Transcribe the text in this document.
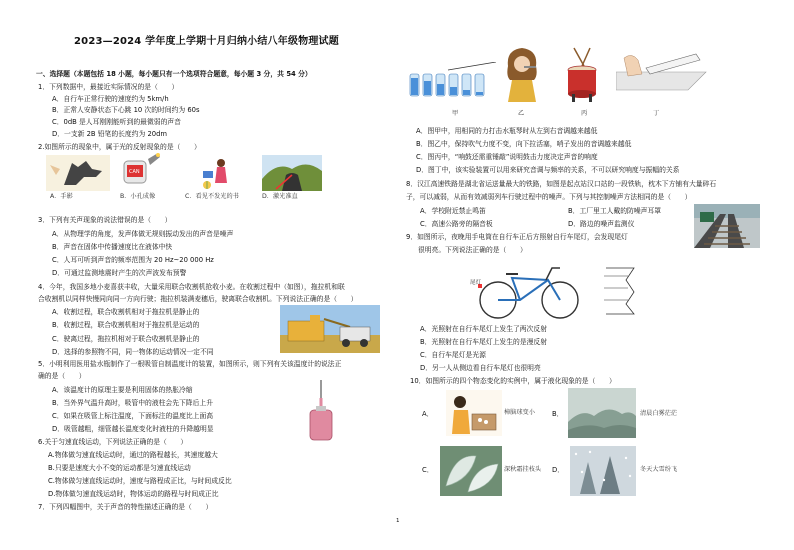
2023—2024 学年度上学期十月归纳小结八年级物理试题
一、选择题（本题包括 18 小题，每小题只有一个选项符合题意，每小题 3 分，共 54 分）
1．下列数据中，最接近实际情况的是（　　）
A．自行车正常行驶的速度约为 5km/h
B．正常人安静状态下心跳 10 次的时间约为 60s
C．0dB 是人耳刚刚能听到的最微弱的声音
D．一支新 2B 铅笔的长度约为 20dm
2.如图所示的现象中，属于光的反射现象的是（　　）
CAN
A．手影	B．小孔成像	C．看见不发光的书	D．激光准直
3．下列有关声现象的说法错误的是（　　）
A．从物理学的角度，发声体做无规则振动发出的声音是噪声
B．声音在固体中传播速度比在液体中快
C．人耳可听到声音的频率范围为 20 Hz~20 000 Hz
D．可通过监测地震时产生的次声波发布预警
4．今年，我国多地小麦喜获丰收，大量采用联合收割机抢收小麦。在收割过程中（如图），拖拉机和联
合收割机以同样快慢同向同一方向行驶；拖拉机装满麦穗后，驶离联合收割机。下列说法正确的是（　　）
A．收割过程，联合收割机相对于拖拉机是静止的
B．收割过程，联合收割机相对于拖拉机是运动的
C．驶离过程，拖拉机相对于联合收割机是静止的
D．选择的参照物不同，同一物体的运动情况一定不同
5．小明利用医用盐水瓶制作了一根吸管自制温度计的装置，如图所示，则下列有关该温度计的说法正
确的是（　　）
A．该温度计的原理主要是利用固体的热胀冷缩
B．当外界气温升高时，吸管中的液柱会先下降后上升
C．如果在吸管上标注温度，下面标注的温度比上面高
D．吸管越粗，细管越长温度变化时液柱的升降越明显
6.关于匀速直线运动，下列说法正确的是（　　）
A.物体做匀速直线运动时，通过的路程越长，其速度越大
B.只要是速度大小不变的运动都是匀速直线运动
C.物体做匀速直线运动时，速度与路程成正比，与时间成反比
D.物体做匀速直线运动时，物体运动的路程与时间成正比
7．下列四幅图中，关于声音的特性描述正确的是（　　）
甲	乙	丙	丁
A．图甲中，用相同的力打击水瓶琴时从左到右音调越来越低
B．图乙中，保持吹气力度不变，向下拉活塞，哨子发出的音调越来越低
C．图丙中，“响鼓还需重锤敲”说明鼓击力度决定声音的响度
D．图丁中，该实验装置可以用来研究音调与频率的关系，不可以研究响度与振幅的关系
8．汉江高速铁路是湖北省运送量最大的铁路，如图是起点站汉口站的一段铁轨，枕木下方铺有大量碎石
子，可以减弱，从而有效减弱列车行驶过程中的噪声。下列与其控制噪声方法相同的是（　　）
A．学校附近禁止鸣笛	B．工厂里工人戴的防噪声耳罩
C．高速公路旁的隔音板	D．路边的噪声监测仪
9．如图所示，夜晚用手电筒在自行车正后方照射自行车尾灯，会发现尾灯
很明亮。下列说法正确的是（　　）
尾灯
A．光照射在自行车尾灯上发生了两次反射
B．光照射在自行车尾灯上发生的是漫反射
C．自行车尾灯是光源
D．另一人从侧边看自行车尾灯也很明亮
10．如图所示的四个物态变化的实例中，属于液化现象的是（　　）
A．	樟脑球变小	B．	清晨白雾茫茫
C．	深秋霜挂枝头 D．	冬天大雪纷飞
1
